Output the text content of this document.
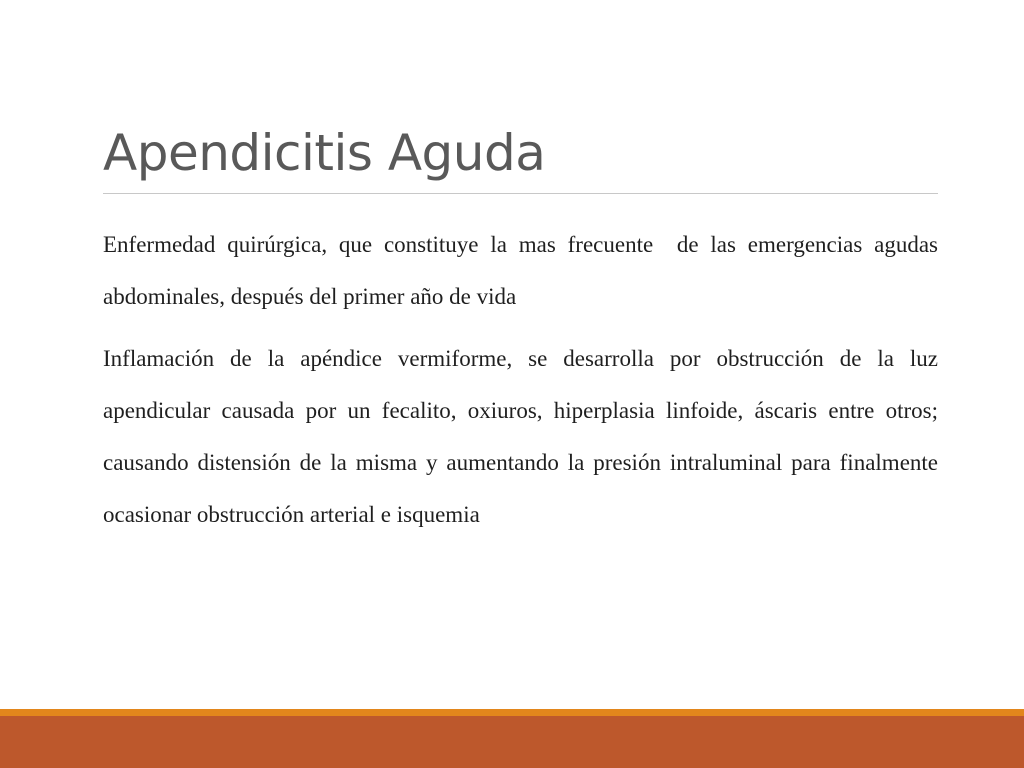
Apendicitis Aguda

Enfermedad quirúrgica, que constituye la mas frecuente  de las emergencias agudas abdominales, después del primer año de vida

Inflamación de la apéndice vermiforme, se desarrolla por obstrucción de la luz apendicular causada por un fecalito, oxiuros, hiperplasia linfoide, áscaris entre otros;  causando distensión de la misma y aumentando la presión intraluminal para finalmente ocasionar obstrucción arterial e isquemia
